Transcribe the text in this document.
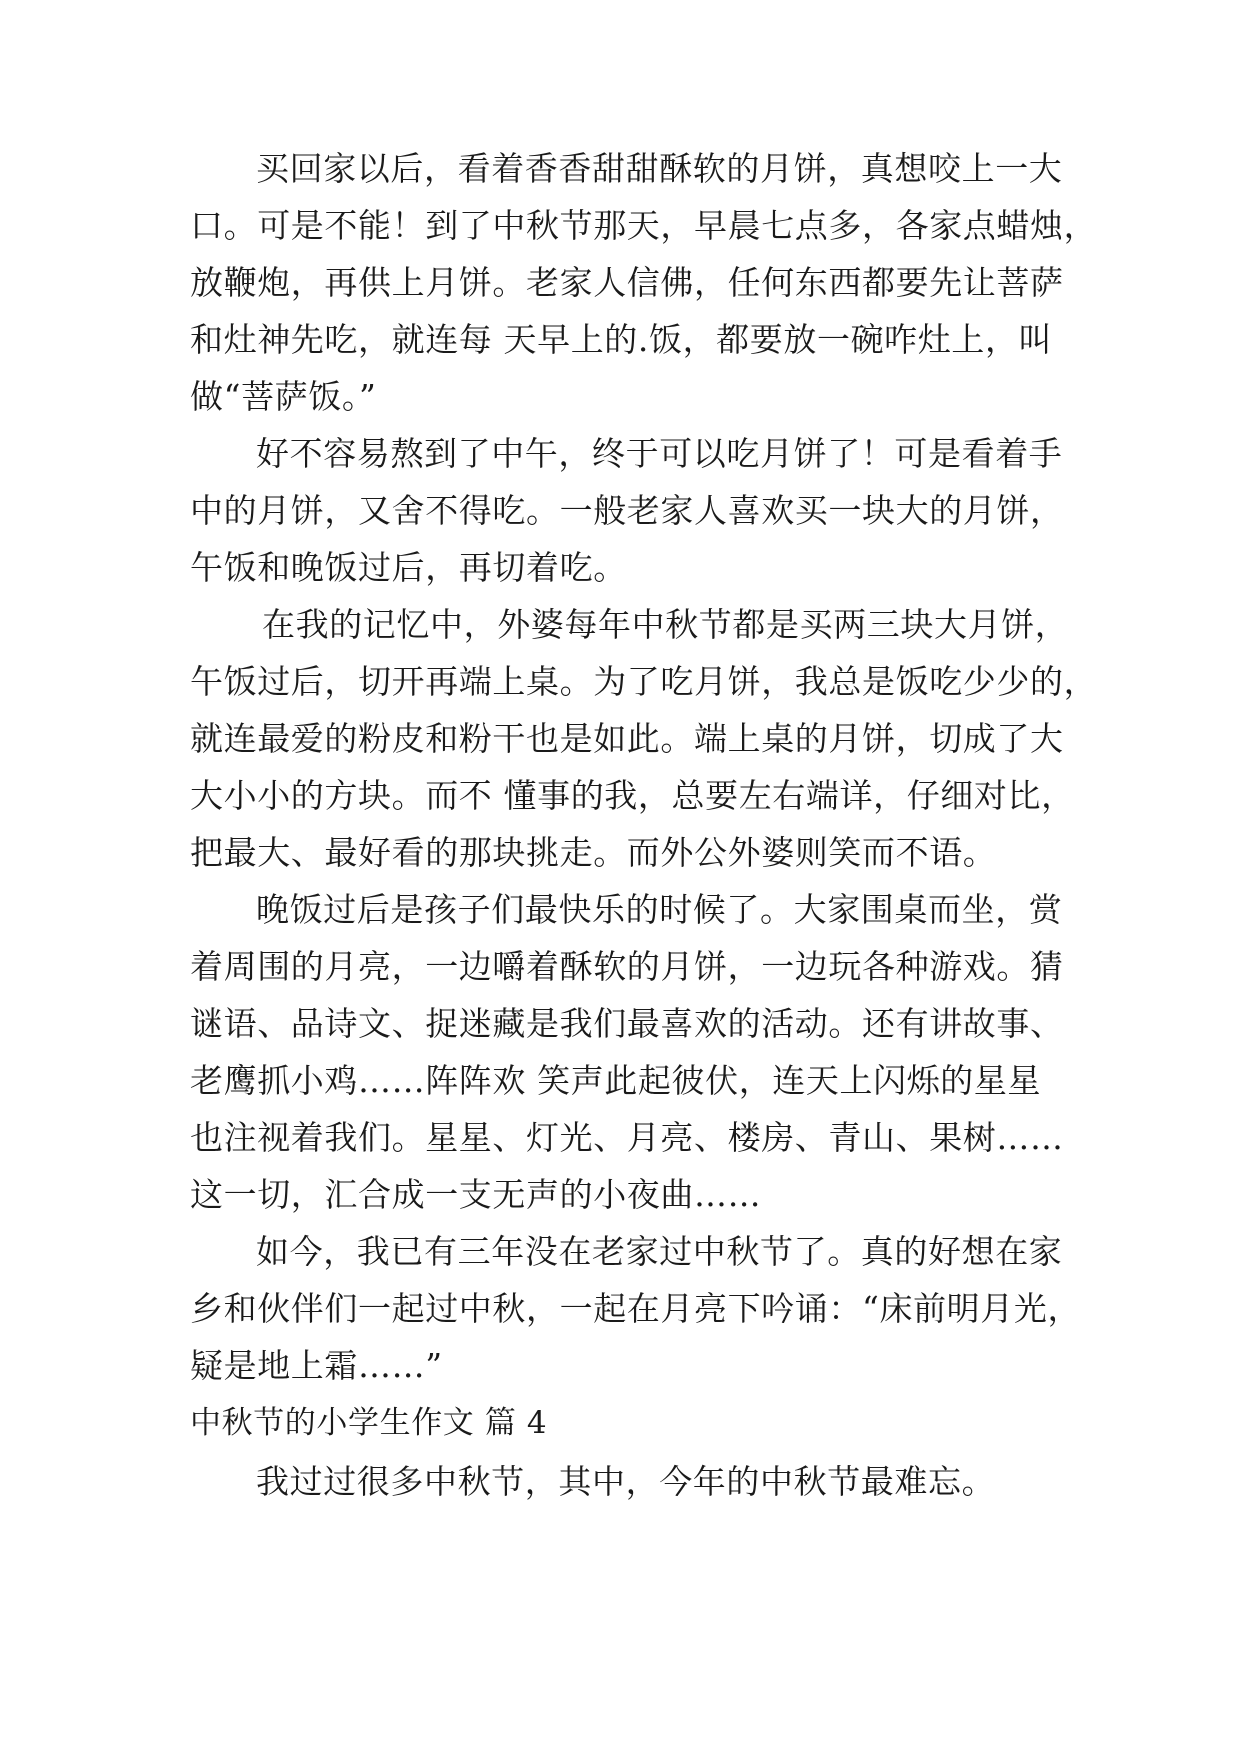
买回家以后，看着香香甜甜酥软的月饼，真想咬上一大
口。可是不能！到了中秋节那天，早晨七点多，各家点蜡烛，
放鞭炮，再供上月饼。老家人信佛，任何东西都要先让菩萨
和灶神先吃，就连每 天早上的.饭，都要放一碗咋灶上，叫
做“菩萨饭。”
好不容易熬到了中午，终于可以吃月饼了！可是看着手
中的月饼，又舍不得吃。一般老家人喜欢买一块大的月饼，
午饭和晚饭过后，再切着吃。
在我的记忆中，外婆每年中秋节都是买两三块大月饼，
午饭过后，切开再端上桌。为了吃月饼，我总是饭吃少少的，
就连最爱的粉皮和粉干也是如此。端上桌的月饼，切成了大
大小小的方块。而不 懂事的我，总要左右端详，仔细对比，
把最大、最好看的那块挑走。而外公外婆则笑而不语。
晚饭过后是孩子们最快乐的时候了。大家围桌而坐，赏
着周围的月亮，一边嚼着酥软的月饼，一边玩各种游戏。猜
谜语、品诗文、捉迷藏是我们最喜欢的活动。还有讲故事、
老鹰抓小鸡……阵阵欢 笑声此起彼伏，连天上闪烁的星星
也注视着我们。星星、灯光、月亮、楼房、青山、果树……
这一切，汇合成一支无声的小夜曲……
如今，我已有三年没在老家过中秋节了。真的好想在家
乡和伙伴们一起过中秋，一起在月亮下吟诵：“床前明月光，
疑是地上霜……”
中秋节的小学生作文 篇 4
我过过很多中秋节，其中，今年的中秋节最难忘。
